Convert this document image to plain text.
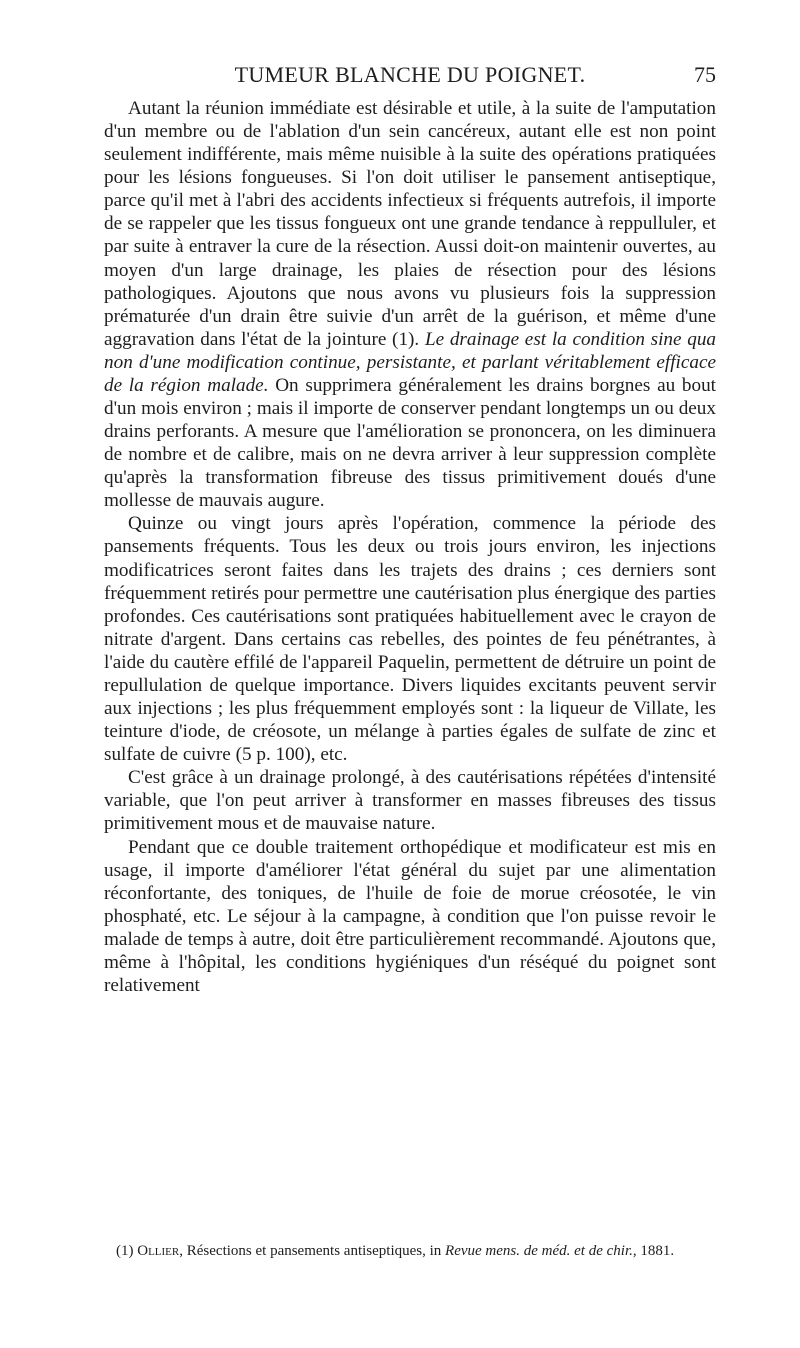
TUMEUR BLANCHE DU POIGNET.	75

Autant la réunion immédiate est désirable et utile, à la suite de l'amputation d'un membre ou de l'ablation d'un sein cancéreux, autant elle est non point seulement indifférente, mais même nuisible à la suite des opérations pratiquées pour les lésions fongueuses. Si l'on doit utiliser le pansement antiseptique, parce qu'il met à l'abri des accidents infectieux si fréquents autrefois, il importe de se rappeler que les tissus fongueux ont une grande tendance à reppulluler, et par suite à entraver la cure de la résection. Aussi doit-on maintenir ouvertes, au moyen d'un large drainage, les plaies de résection pour des lésions pathologiques. Ajoutons que nous avons vu plusieurs fois la suppression prématurée d'un drain être suivie d'un arrêt de la guérison, et même d'une aggravation dans l'état de la jointure (1). Le drainage est la condition sine qua non d'une modification continue, persistante, et parlant véritablement efficace de la région malade. On supprimera généralement les drains borgnes au bout d'un mois environ ; mais il importe de conserver pendant longtemps un ou deux drains perforants. A mesure que l'amélioration se prononcera, on les diminuera de nombre et de calibre, mais on ne devra arriver à leur suppression complète qu'après la transformation fibreuse des tissus primitivement doués d'une mollesse de mauvais augure.

Quinze ou vingt jours après l'opération, commence la période des pansements fréquents. Tous les deux ou trois jours environ, les injections modificatrices seront faites dans les trajets des drains ; ces derniers sont fréquemment retirés pour permettre une cautérisation plus énergique des parties profondes. Ces cautérisations sont pratiquées habituellement avec le crayon de nitrate d'argent. Dans certains cas rebelles, des pointes de feu pénétrantes, à l'aide du cautère effilé de l'appareil Paquelin, permettent de détruire un point de repullulation de quelque importance. Divers liquides excitants peuvent servir aux injections ; les plus fréquemment employés sont : la liqueur de Villate, les teinture d'iode, de créosote, un mélange à parties égales de sulfate de zinc et sulfate de cuivre (5 p. 100), etc.

C'est grâce à un drainage prolongé, à des cautérisations répétées d'intensité variable, que l'on peut arriver à transformer en masses fibreuses des tissus primitivement mous et de mauvaise nature.

Pendant que ce double traitement orthopédique et modificateur est mis en usage, il importe d'améliorer l'état général du sujet par une alimentation réconfortante, des toniques, de l'huile de foie de morue créosotée, le vin phosphaté, etc. Le séjour à la campagne, à condition que l'on puisse revoir le malade de temps à autre, doit être particulièrement recommandé. Ajoutons que, même à l'hôpital, les conditions hygiéniques d'un réséqué du poignet sont relativement

(1) Ollier, Résections et pansements antiseptiques, in Revue mens. de méd. et de chir., 1881.
